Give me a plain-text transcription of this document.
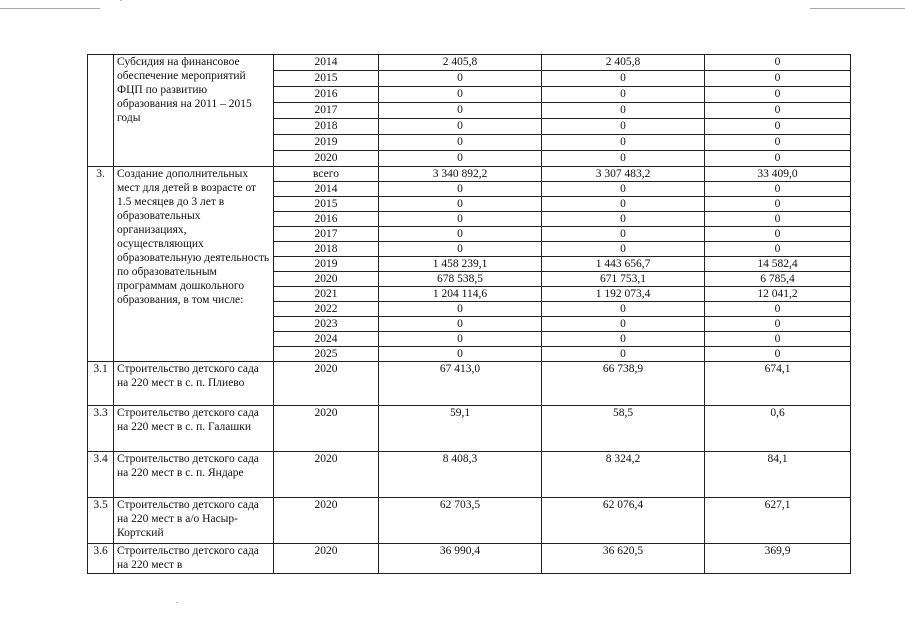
	Субсидия на финансовое обеспечение мероприятий ФЦП по развитию образования на 2011 – 2015 годы	2014	2 405,8	2 405,8	0
		2015	0	0	0
		2016	0	0	0
		2017	0	0	0
		2018	0	0	0
		2019	0	0	0
		2020	0	0	0
3.	Создание дополнительных мест для детей в возрасте от 1.5 месяцев до 3 лет в образовательных организациях, осуществляющих образовательную деятельность по образовательным программам дошкольного образования, в том числе:	всего	3 340 892,2	3 307 483,2	33 409,0
		2014	0	0	0
		2015	0	0	0
		2016	0	0	0
		2017	0	0	0
		2018	0	0	0
		2019	1 458 239,1	1 443 656,7	14 582,4
		2020	678 538,5	671 753,1	6 785,4
		2021	1 204 114,6	1 192 073,4	12 041,2
		2022	0	0	0
		2023	0	0	0
		2024	0	0	0
		2025	0	0	0
3.1	Строительство детского сада на 220 мест в с. п. Плиево	2020	67 413,0	66 738,9	674,1
3.3	Строительство детского сада на 220 мест в с. п. Галашки	2020	59,1	58,5	0,6
3.4	Строительство детского сада на 220 мест в с. п. Яндаре	2020	8 408,3	8 324,2	84,1
3.5	Строительство детского сада на 220 мест в а/о Насыр-Кортский	2020	62 703,5	62 076,4	627,1
3.6	Строительство детского сада на 220 мест в	2020	36 990,4	36 620,5	369,9
